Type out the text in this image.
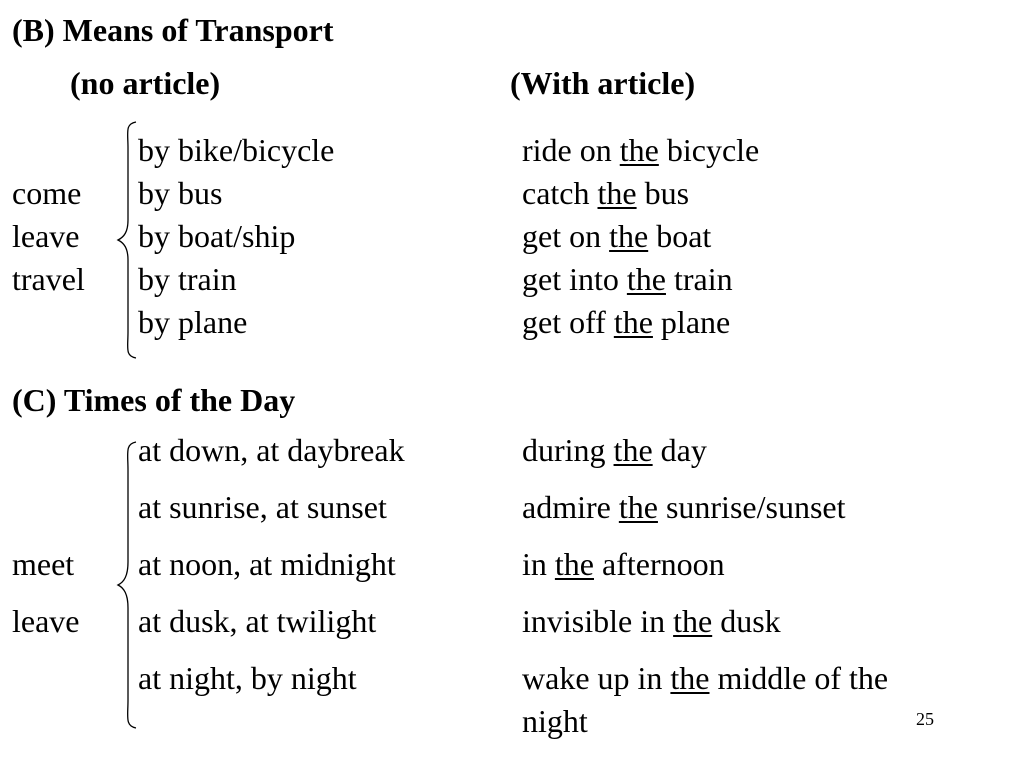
(B) Means of Transport
(no article)	(With article)
come
leave
travel
by bike/bicycle
by bus
by boat/ship
by train
by plane
ride on the bicycle
catch the bus
get on the boat
get into the train
get off the plane
(C) Times of the Day
meet
leave
at down, at daybreak
at sunrise, at sunset
at noon, at midnight
at dusk, at twilight
at night, by night
during the day
admire the sunrise/sunset
in the afternoon
invisible in the dusk
wake up in the middle of the
night	25
